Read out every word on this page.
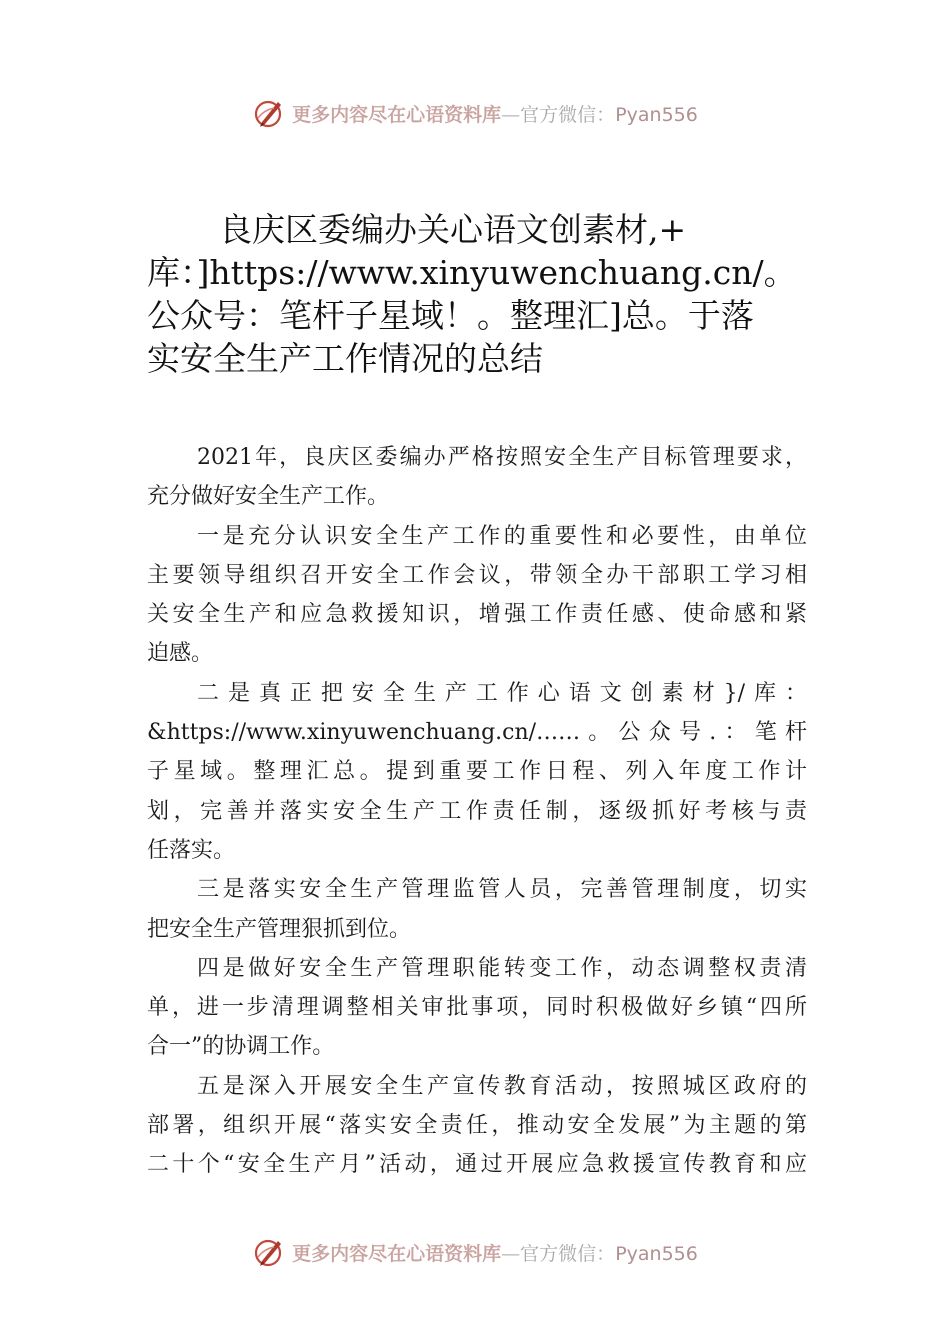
更多内容尽在心语资料库—官方微信：Pyan556
良庆区委编办关心语文创素材,+
库：]https://www.xinyuwenchuang.cn/。
公众号：笔杆子星域！。整理汇]总。于落
实安全生产工作情况的总结
2021年，良庆区委编办严格按照安全生产目标管理要求，
充分做好安全生产工作。
一是充分认识安全生产工作的重要性和必要性，由单位
主要领导组织召开安全工作会议，带领全办干部职工学习相
关安全生产和应急救援知识，增强工作责任感、使命感和紧
迫感。
二是真正把安全生产工作心语文创素材}/库：
&https://www.xinyuwenchuang.cn/……。公众号.：笔杆
子星域。整理汇总。提到重要工作日程、列入年度工作计
划，完善并落实安全生产工作责任制，逐级抓好考核与责
任落实。
三是落实安全生产管理监管人员，完善管理制度，切实
把安全生产管理狠抓到位。
四是做好安全生产管理职能转变工作，动态调整权责清
单，进一步清理调整相关审批事项，同时积极做好乡镇“四所
合一”的协调工作。
五是深入开展安全生产宣传教育活动，按照城区政府的
部署，组织开展“落实安全责任，推动安全发展”为主题的第
二十个“安全生产月”活动，通过开展应急救援宣传教育和应
更多内容尽在心语资料库—官方微信：Pyan556
